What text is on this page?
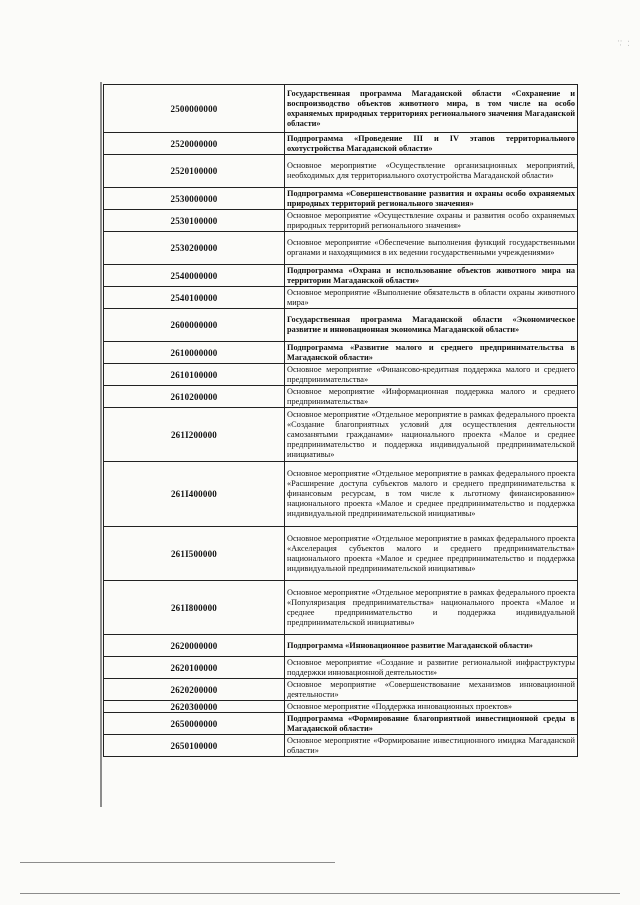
· · : ·
2500000000	Государственная программа Магаданской области «Сохранение и воспроизводство объектов животного мира, в том числе на особо охраняемых природных территориях регионального значения Магаданской области»
2520000000	Подпрограмма «Проведение III и IV этапов территориального охотустройства Магаданской области»
2520100000	Основное мероприятие «Осуществление организационных мероприятий, необходимых для территориального охотустройства Магаданской области»
2530000000	Подпрограмма «Совершенствование развития и охраны особо охраняемых природных территорий регионального значения»
2530100000	Основное мероприятие «Осуществление охраны и развития особо охраняемых природных территорий регионального значения»
2530200000	Основное мероприятие «Обеспечение выполнения функций государственными органами и находящимися в их ведении государственными учреждениями»
2540000000	Подпрограмма «Охрана и использование объектов животного мира на территории Магаданской области»
2540100000	Основное мероприятие «Выполнение обязательств в области охраны животного мира»
2600000000	Государственная программа Магаданской области «Экономическое развитие и инновационная экономика Магаданской области»
2610000000	Подпрограмма «Развитие малого и среднего предпринимательства в Магаданской области»
2610100000	Основное мероприятие «Финансово-кредитная поддержка малого и среднего предпринимательства»
2610200000	Основное мероприятие «Информационная поддержка малого и среднего предпринимательства»
261I200000	Основное мероприятие «Отдельное мероприятие в рамках федерального проекта «Создание благоприятных условий для осуществления деятельности самозанятыми гражданами» национального проекта «Малое и среднее предпринимательство и поддержка индивидуальной предпринимательской инициативы»
261I400000	Основное мероприятие «Отдельное мероприятие в рамках федерального проекта «Расширение доступа субъектов малого и среднего предпринимательства к финансовым ресурсам, в том числе к льготному финансированию» национального проекта «Малое и среднее предпринимательство и поддержка индивидуальной предпринимательской инициативы»
261I500000	Основное мероприятие «Отдельное мероприятие в рамках федерального проекта «Акселерация субъектов малого и среднего предпринимательства» национального проекта «Малое и среднее предпринимательство и поддержка индивидуальной предпринимательской инициативы»
261I800000	Основное мероприятие «Отдельное мероприятие в рамках федерального проекта «Популяризация предпринимательства» национального проекта «Малое и среднее предпринимательство и поддержка индивидуальной предпринимательской инициативы»
2620000000	Подпрограмма «Инновационное развитие Магаданской области»
2620100000	Основное мероприятие «Создание и развитие региональной инфраструктуры поддержки инновационной деятельности»
2620200000	Основное мероприятие «Совершенствование механизмов инновационной деятельности»
2620300000	Основное мероприятие «Поддержка инновационных проектов»
2650000000	Подпрограмма «Формирование благоприятной инвестиционной среды в Магаданской области»
2650100000	Основное мероприятие «Формирование инвестиционного имиджа Магаданской области»
